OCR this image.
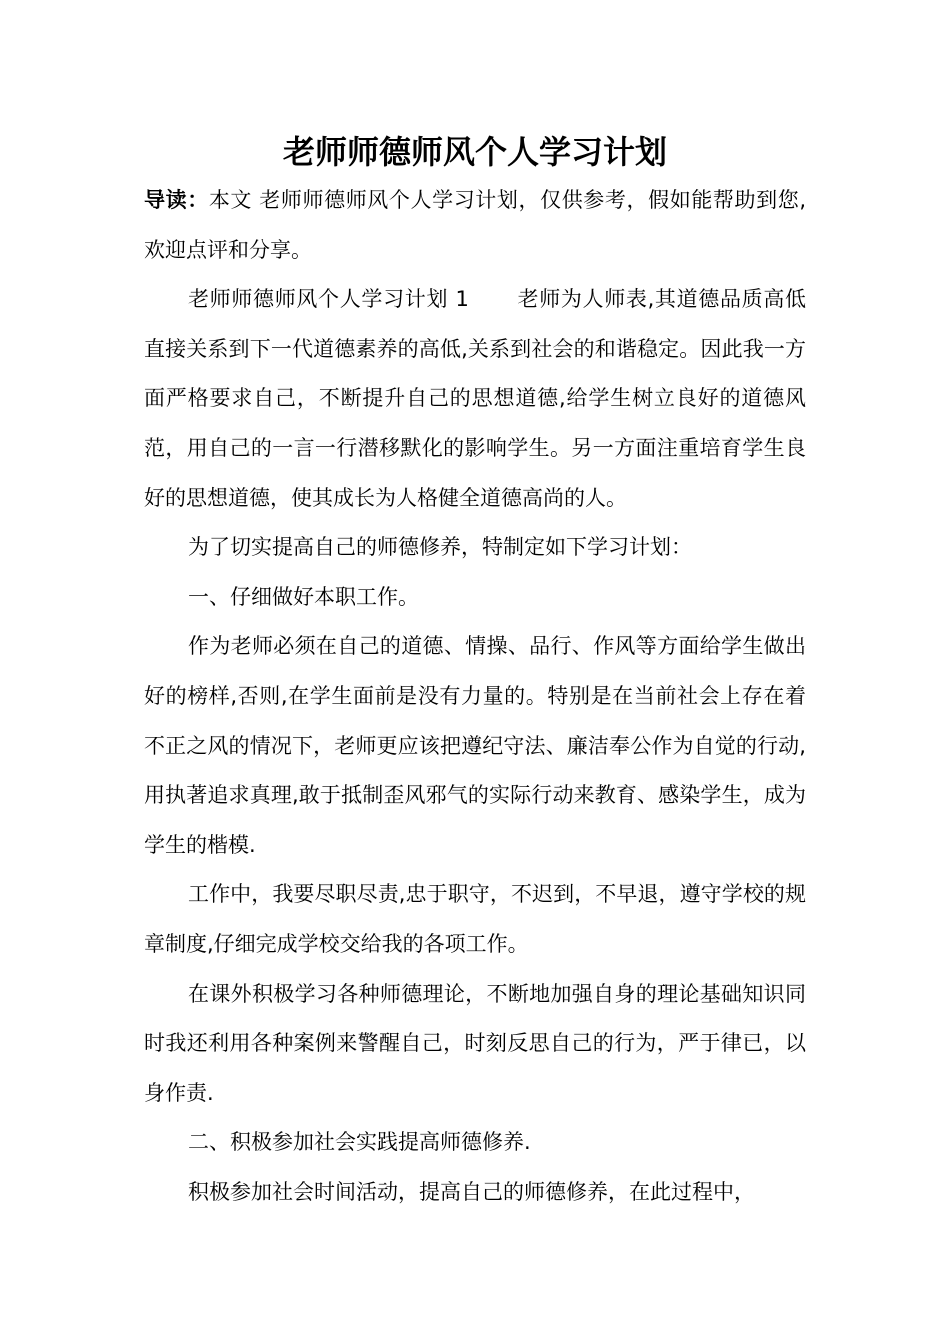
老师师德师风个人学习计划

导读：本文 老师师德师风个人学习计划，仅供参考，假如能帮助到您,欢迎点评和分享。

老师师德师风个人学习计划 1 老师为人师表,其道德品质高低直接关系到下一代道德素养的高低,关系到社会的和谐稳定。因此我一方面严格要求自己，不断提升自己的思想道德,给学生树立良好的道德风范，用自己的一言一行潜移默化的影响学生。另一方面注重培育学生良好的思想道德，使其成长为人格健全道德高尚的人。

为了切实提高自己的师德修养，特制定如下学习计划：

一、仔细做好本职工作。

作为老师必须在自己的道德、情操、品行、作风等方面给学生做出好的榜样,否则,在学生面前是没有力量的。特别是在当前社会上存在着不正之风的情况下，老师更应该把遵纪守法、廉洁奉公作为自觉的行动,用执著追求真理,敢于抵制歪风邪气的实际行动来教育、感染学生，成为学生的楷模.

工作中，我要尽职尽责,忠于职守，不迟到，不早退，遵守学校的规章制度,仔细完成学校交给我的各项工作。

在课外积极学习各种师德理论，不断地加强自身的理论基础知识同时我还利用各种案例来警醒自己，时刻反思自己的行为，严于律已，以身作责.

二、积极参加社会实践提高师德修养.

积极参加社会时间活动，提高自己的师德修养，在此过程中，
